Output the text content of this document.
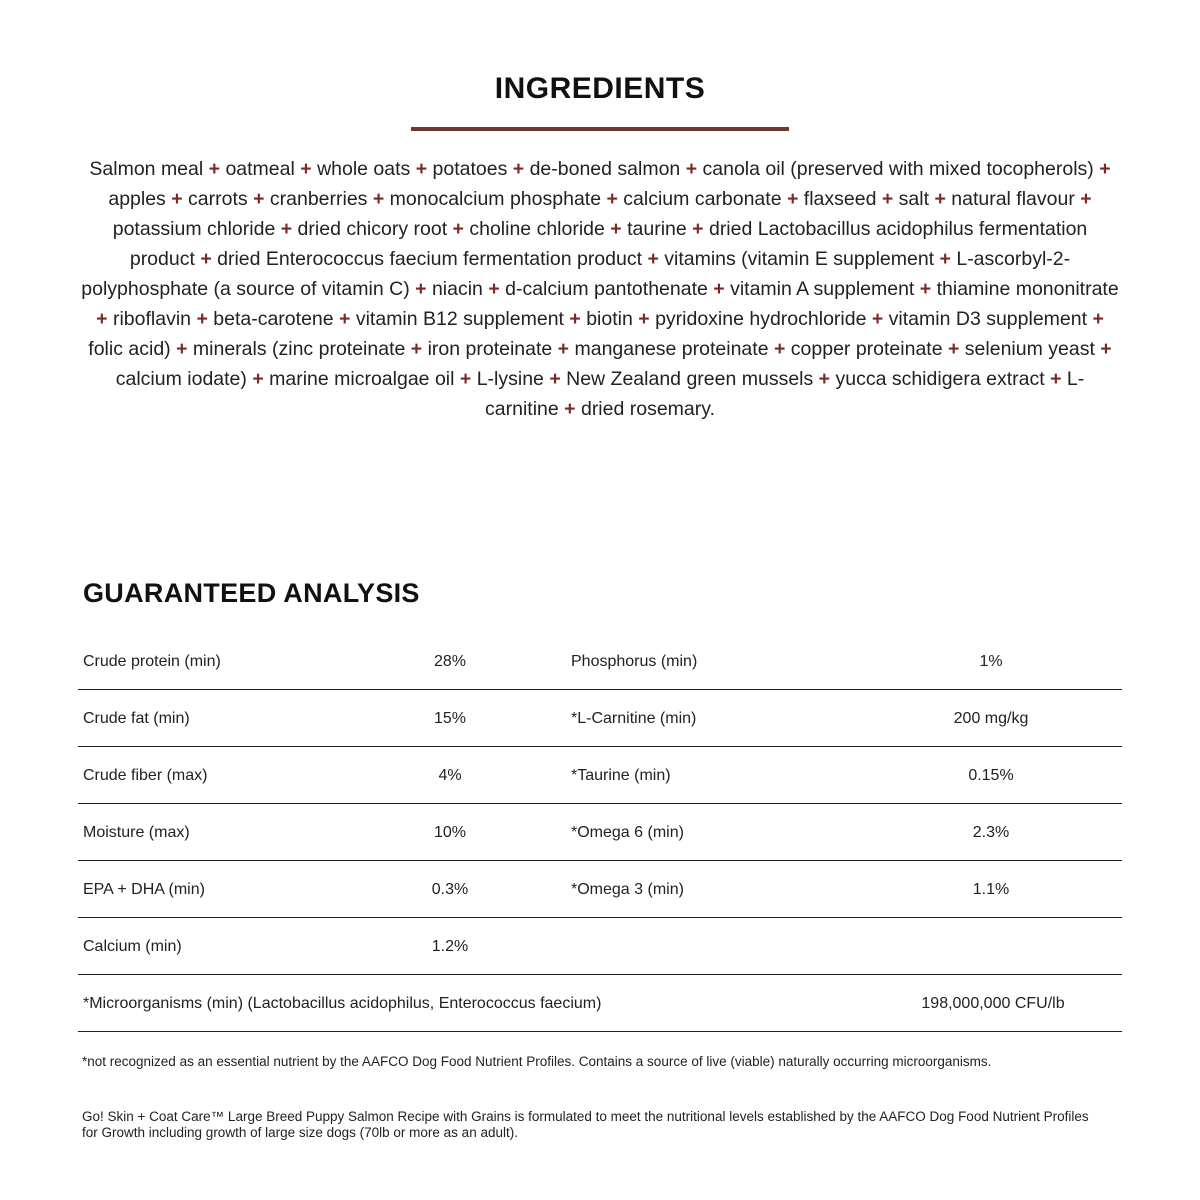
INGREDIENTS
Salmon meal + oatmeal + whole oats + potatoes + de-boned salmon + canola oil (preserved with mixed tocopherols) + apples + carrots + cranberries + monocalcium phosphate + calcium carbonate + flaxseed + salt + natural flavour + potassium chloride + dried chicory root + choline chloride + taurine + dried Lactobacillus acidophilus fermentation product + dried Enterococcus faecium fermentation product + vitamins (vitamin E supplement + L-ascorbyl-2-polyphosphate (a source of vitamin C) + niacin + d-calcium pantothenate + vitamin A supplement + thiamine mononitrate + riboflavin + beta-carotene + vitamin B12 supplement + biotin + pyridoxine hydrochloride + vitamin D3 supplement + folic acid) + minerals (zinc proteinate + iron proteinate + manganese proteinate + copper proteinate + selenium yeast + calcium iodate) + marine microalgae oil + L-lysine + New Zealand green mussels + yucca schidigera extract + L-carnitine + dried rosemary.
GUARANTEED ANALYSIS
Crude protein (min)	28%	Phosphorus (min)	1%
Crude fat (min)	15%	*L-Carnitine (min)	200 mg/kg
Crude fiber (max)	4%	*Taurine (min)	0.15%
Moisture (max)	10%	*Omega 6 (min)	2.3%
EPA + DHA (min)	0.3%	*Omega 3 (min)	1.1%
Calcium (min)	1.2%
*Microorganisms (min) (Lactobacillus acidophilus, Enterococcus faecium)	198,000,000 CFU/lb
*not recognized as an essential nutrient by the AAFCO Dog Food Nutrient Profiles. Contains a source of live (viable) naturally occurring microorganisms.
Go! Skin + Coat Care™ Large Breed Puppy Salmon Recipe with Grains is formulated to meet the nutritional levels established by the AAFCO Dog Food Nutrient Profiles for Growth including growth of large size dogs (70lb or more as an adult).
